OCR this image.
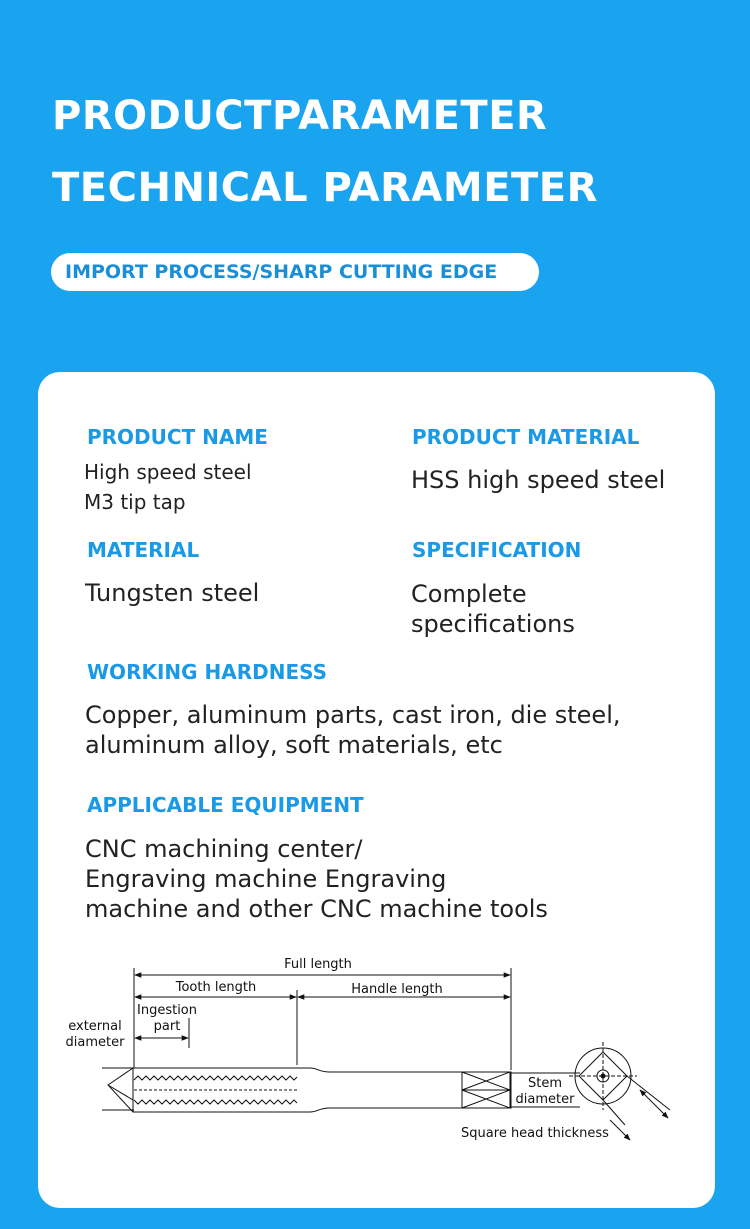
PRODUCTPARAMETER
TECHNICAL PARAMETER
IMPORT PROCESS/SHARP CUTTING EDGE
PRODUCT NAME
High speed steel
M3 tip tap
PRODUCT MATERIAL
HSS high speed steel
MATERIAL
Tungsten steel
SPECIFICATION
Complete
specifications
WORKING HARDNESS
Copper, aluminum parts, cast iron, die steel,
aluminum alloy, soft materials, etc
APPLICABLE EQUIPMENT
CNC machining center/
Engraving machine Engraving
machine and other CNC machine tools
Full length
Tooth length	Handle length
Ingestion
part
external
diameter
Stem
diameter
Square head thickness
